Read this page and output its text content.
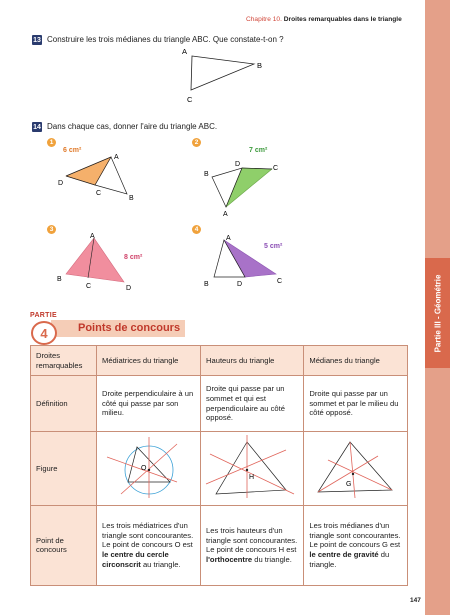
Chapitre 10. Droites remarquables dans le triangle
Partie III - Géométrie
13 Construire les trois médianes du triangle ABC. Que constate-t-on ?
A
B
C
14 Dans chaque cas, donner l'aire du triangle ABC.
1
A
D
C
B
6 cm²
2
D
C
B
A
7 cm²
3
A
B
C	D
8 cm²
4
A
B	D	C
5 cm²
PARTIE
4	Points de concours
Droites remarquables	Médiatrices du triangle	Hauteurs du triangle	Médianes du triangle
Définition	Droite perpendiculaire à un côté qui passe par son milieu.	Droite qui passe par un sommet et qui est perpendiculaire au côté opposé.	Droite qui passe par un sommet et par le milieu du côté opposé.
Figure	O	H	G

Point de concours	Les trois médiatrices d'un triangle sont concourantes. Le point de concours O est le centre du cercle circonscrit au triangle.	Les trois hauteurs d'un triangle sont concourantes. Le point de concours H est l'orthocentre du triangle.	Les trois médianes d'un triangle sont concourantes. Le point de concours G est le centre de gravité du triangle.
147
